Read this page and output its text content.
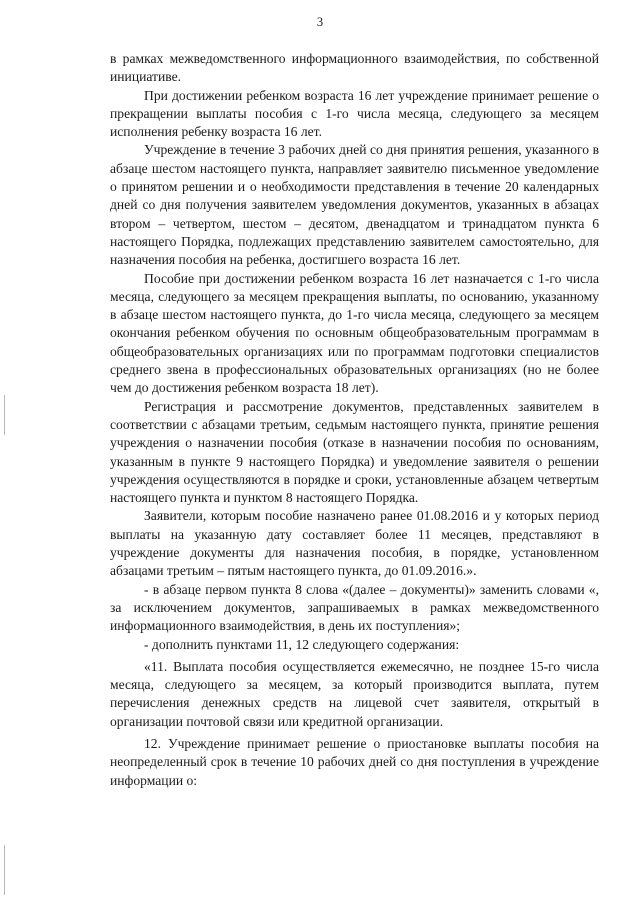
3

в рамках межведомственного информационного взаимодействия, по собственной инициативе.

При достижении ребенком возраста 16 лет учреждение принимает решение о прекращении выплаты пособия с 1-го числа месяца, следующего за месяцем исполнения ребенку возраста 16 лет.

Учреждение в течение 3 рабочих дней со дня принятия решения, указанного в абзаце шестом настоящего пункта, направляет заявителю письменное уведомление о принятом решении и о необходимости представления в течение 20 календарных дней со дня получения заявителем уведомления документов, указанных в абзацах втором – четвертом, шестом – десятом, двенадцатом и тринадцатом пункта 6 настоящего Порядка, подлежащих представлению заявителем самостоятельно, для назначения пособия на ребенка, достигшего возраста 16 лет.

Пособие при достижении ребенком возраста 16 лет назначается с 1-го числа месяца, следующего за месяцем прекращения выплаты, по основанию, указанному в абзаце шестом настоящего пункта, до 1-го числа месяца, следующего за месяцем окончания ребенком обучения по основным общеобразовательным программам в общеобразовательных организациях или по программам подготовки специалистов среднего звена в профессиональных образовательных организациях (но не более чем до достижения ребенком возраста 18 лет).

Регистрация и рассмотрение документов, представленных заявителем в соответствии с абзацами третьим, седьмым настоящего пункта, принятие решения учреждения о назначении пособия (отказе в назначении пособия по основаниям, указанным в пункте 9 настоящего Порядка) и уведомление заявителя о решении учреждения осуществляются в порядке и сроки, установленные абзацем четвертым настоящего пункта и пунктом 8 настоящего Порядка.

Заявители, которым пособие назначено ранее 01.08.2016 и у которых период выплаты на указанную дату составляет более 11 месяцев, представляют в учреждение документы для назначения пособия, в порядке, установленном абзацами третьим – пятым настоящего пункта, до 01.09.2016.».

- в абзаце первом пункта 8 слова «(далее – документы)» заменить словами «, за исключением документов, запрашиваемых в рамках межведомственного информационного взаимодействия, в день их поступления»;

- дополнить пунктами 11, 12 следующего содержания:

«11. Выплата пособия осуществляется ежемесячно, не позднее 15-го числа месяца, следующего за месяцем, за который производится выплата, путем перечисления денежных средств на лицевой счет заявителя, открытый в организации почтовой связи или кредитной организации.

12. Учреждение принимает решение о приостановке выплаты пособия на неопределенный срок в течение 10 рабочих дней со дня поступления в учреждение информации о:
